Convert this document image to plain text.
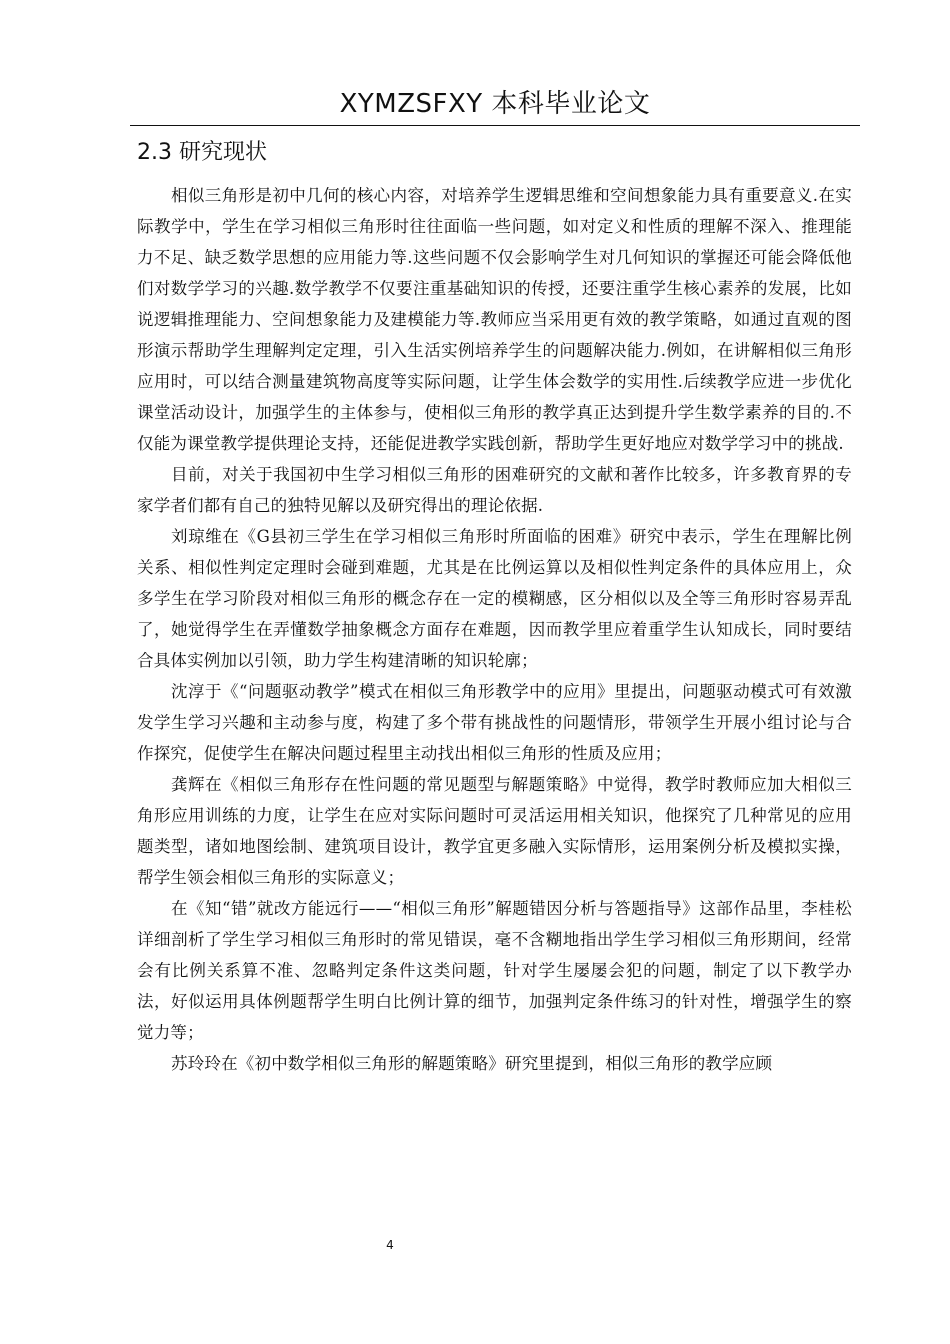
XYMZSFXY 本科毕业论文
2.3 研究现状

相似三角形是初中几何的核心内容，对培养学生逻辑思维和空间想象能力具有重要意义.在实际教学中，学生在学习相似三角形时往往面临一些问题，如对定义和性质的理解不深入、推理能力不足、缺乏数学思想的应用能力等.这些问题不仅会影响学生对几何知识的掌握还可能会降低他们对数学学习的兴趣.数学教学不仅要注重基础知识的传授，还要注重学生核心素养的发展，比如说逻辑推理能力、空间想象能力及建模能力等.教师应当采用更有效的教学策略，如通过直观的图形演示帮助学生理解判定定理，引入生活实例培养学生的问题解决能力.例如，在讲解相似三角形应用时，可以结合测量建筑物高度等实际问题，让学生体会数学的实用性.后续教学应进一步优化课堂活动设计，加强学生的主体参与，使相似三角形的教学真正达到提升学生数学素养的目的.不仅能为课堂教学提供理论支持，还能促进教学实践创新，帮助学生更好地应对数学学习中的挑战.

目前，对关于我国初中生学习相似三角形的困难研究的文献和著作比较多，许多教育界的专家学者们都有自己的独特见解以及研究得出的理论依据.

刘琼维在《G县初三学生在学习相似三角形时所面临的困难》研究中表示，学生在理解比例关系、相似性判定定理时会碰到难题，尤其是在比例运算以及相似性判定条件的具体应用上，众多学生在学习阶段对相似三角形的概念存在一定的模糊感，区分相似以及全等三角形时容易弄乱了，她觉得学生在弄懂数学抽象概念方面存在难题，因而教学里应着重学生认知成长，同时要结合具体实例加以引领，助力学生构建清晰的知识轮廓；

沈淳于《“问题驱动教学”模式在相似三角形教学中的应用》里提出，问题驱动模式可有效激发学生学习兴趣和主动参与度，构建了多个带有挑战性的问题情形，带领学生开展小组讨论与合作探究，促使学生在解决问题过程里主动找出相似三角形的性质及应用；

龚辉在《相似三角形存在性问题的常见题型与解题策略》中觉得，教学时教师应加大相似三角形应用训练的力度，让学生在应对实际问题时可灵活运用相关知识，他探究了几种常见的应用题类型，诸如地图绘制、建筑项目设计，教学宜更多融入实际情形，运用案例分析及模拟实操，帮学生领会相似三角形的实际意义；

在《知“错”就改方能远行——“相似三角形”解题错因分析与答题指导》这部作品里，李桂松详细剖析了学生学习相似三角形时的常见错误，毫不含糊地指出学生学习相似三角形期间，经常会有比例关系算不准、忽略判定条件这类问题，针对学生屡屡会犯的问题，制定了以下教学办法，好似运用具体例题帮学生明白比例计算的细节，加强判定条件练习的针对性，增强学生的察觉力等；

苏玲玲在《初中数学相似三角形的解题策略》研究里提到，相似三角形的教学应顾

4
